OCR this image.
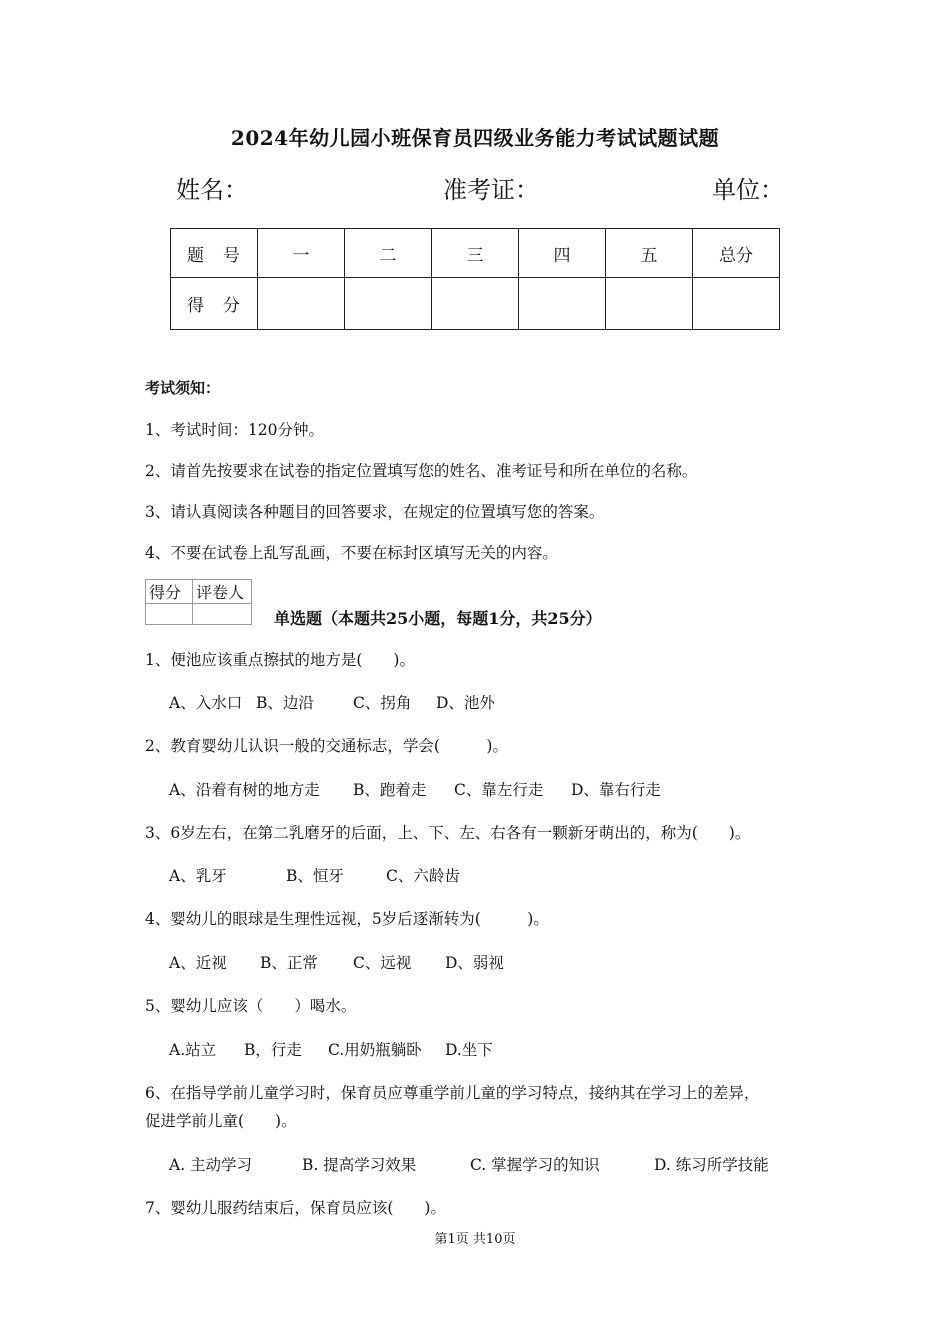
2024年幼儿园小班保育员四级业务能力考试试题试题
姓名：	准考证：	单位：
题　号	一	二	三	四	五	总分
得　分						
考试须知：
1、考试时间：120分钟。
2、请首先按要求在试卷的指定位置填写您的姓名、准考证号和所在单位的名称。
3、请认真阅读各种题目的回答要求，在规定的位置填写您的答案。
4、不要在试卷上乱写乱画，不要在标封区填写无关的内容。
得分	评卷人

单选题（本题共25小题，每题1分，共25分）
1、便池应该重点擦拭的地方是(　　)。
A、入水口 B、边沿	C、拐角 D、池外
2、教育婴幼儿认识一般的交通标志，学会(　　　)。
A、沿着有树的地方走 B、跑着走 C、靠左行走 D、靠右行走
3、6岁左右，在第二乳磨牙的后面，上、下、左、右各有一颗新牙萌出的，称为(　　)。
A、乳牙	B、恒牙	C、六龄齿
4、婴幼儿的眼球是生理性远视，5岁后逐渐转为(　　　)。
A、近视 B、正常 C、远视 D、弱视
5、婴幼儿应该（　　）喝水。
A.站立 B，行走 C.用奶瓶躺卧 D.坐下
6、在指导学前儿童学习时，保育员应尊重学前儿童的学习特点，接纳其在学习上的差异，
促进学前儿童(　　)。
A. 主动学习	B. 提高学习效果	C. 掌握学习的知识	D. 练习所学技能
7、婴幼儿服药结束后，保育员应该(　　)。
第1页 共10页
